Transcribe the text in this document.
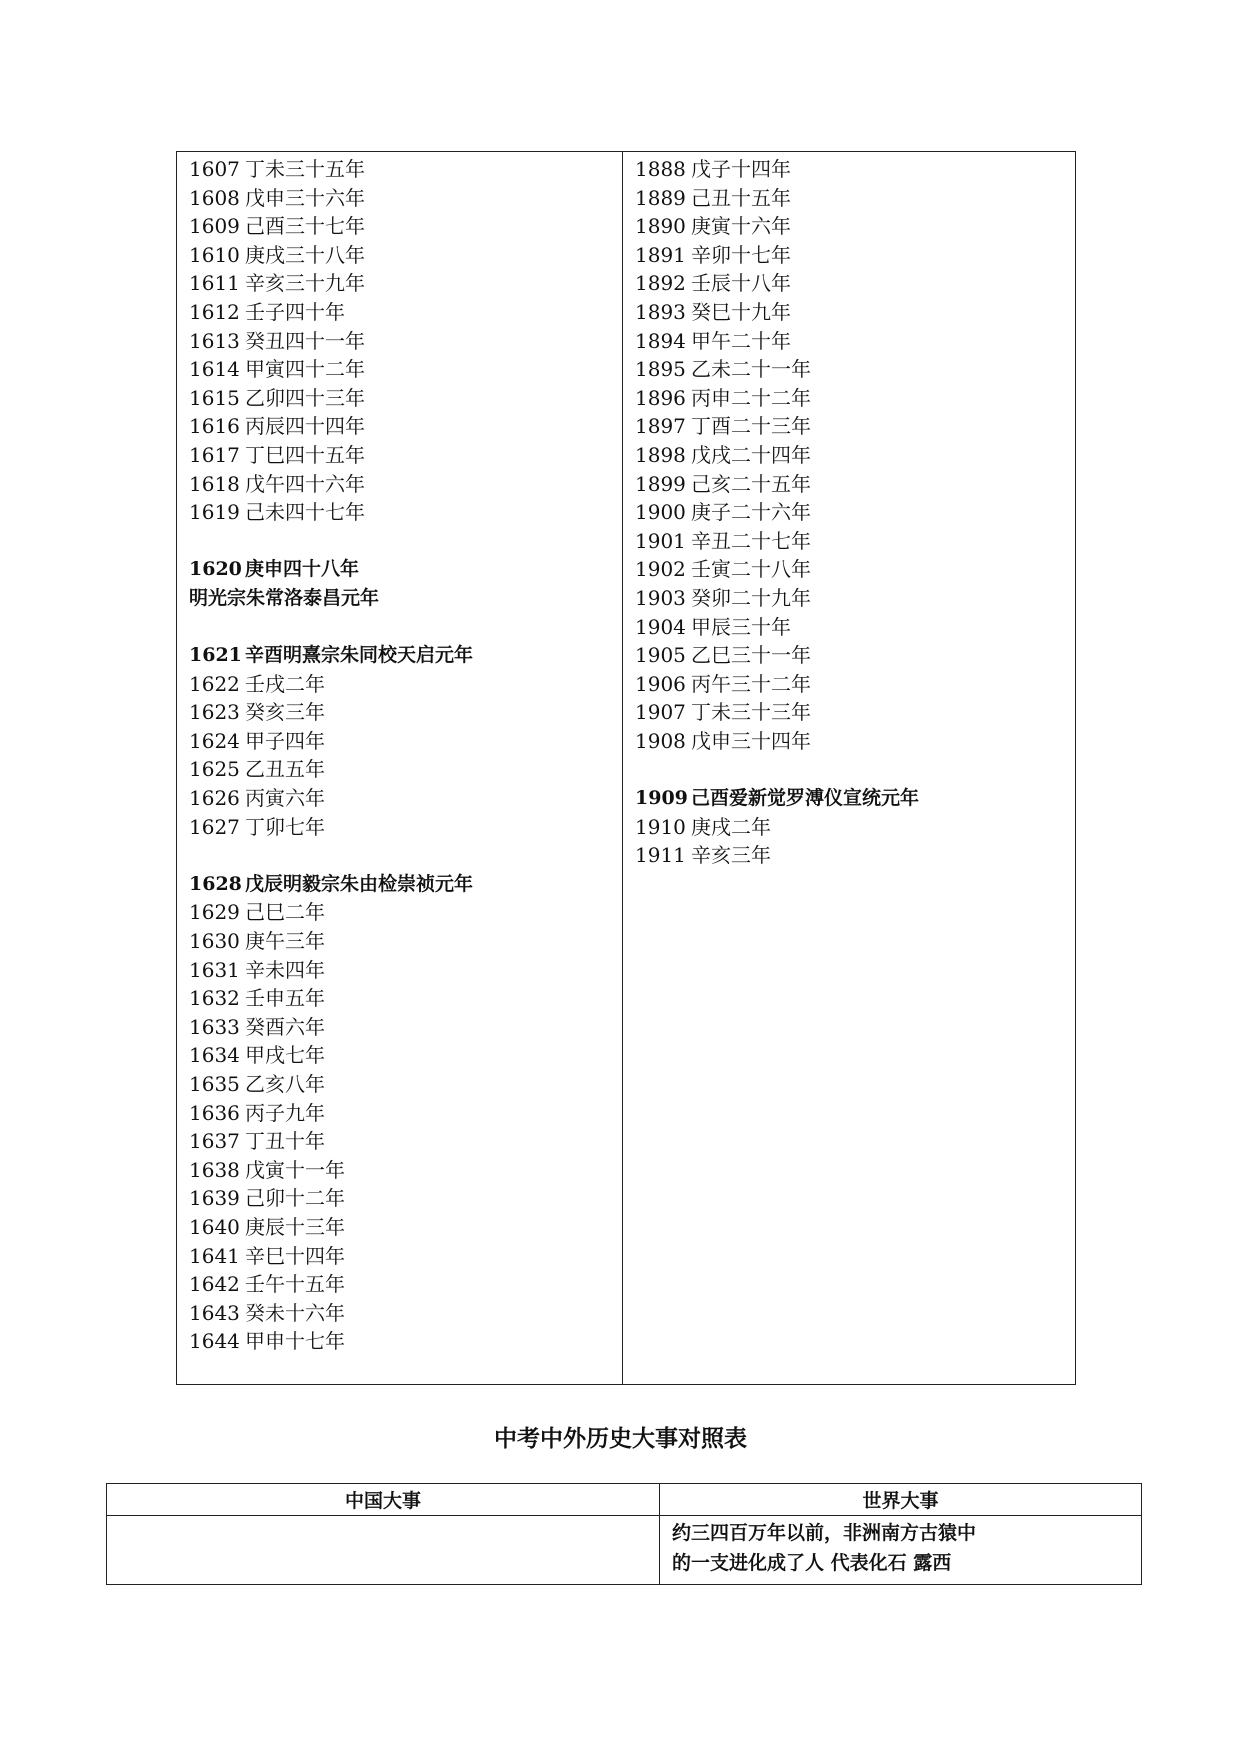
1607 丁未三十五年
1608 戊申三十六年
1609 己酉三十七年
1610 庚戌三十八年
1611 辛亥三十九年
1612 壬子四十年
1613 癸丑四十一年
1614 甲寅四十二年
1615 乙卯四十三年
1616 丙辰四十四年
1617 丁巳四十五年
1618 戊午四十六年
1619 己未四十七年
1620 庚申四十八年
明光宗朱常洛泰昌元年
1621 辛酉明熹宗朱同校天启元年
1622 壬戌二年
1623 癸亥三年
1624 甲子四年
1625 乙丑五年
1626 丙寅六年
1627 丁卯七年
1628 戊辰明毅宗朱由检崇祯元年
1629 己巳二年
1630 庚午三年
1631 辛未四年
1632 壬申五年
1633 癸酉六年
1634 甲戌七年
1635 乙亥八年
1636 丙子九年
1637 丁丑十年
1638 戊寅十一年
1639 己卯十二年
1640 庚辰十三年
1641 辛巳十四年
1642 壬午十五年
1643 癸未十六年
1644 甲申十七年
1888 戊子十四年
1889 己丑十五年
1890 庚寅十六年
1891 辛卯十七年
1892 壬辰十八年
1893 癸巳十九年
1894 甲午二十年
1895 乙未二十一年
1896 丙申二十二年
1897 丁酉二十三年
1898 戊戌二十四年
1899 己亥二十五年
1900 庚子二十六年
1901 辛丑二十七年
1902 壬寅二十八年
1903 癸卯二十九年
1904 甲辰三十年
1905 乙巳三十一年
1906 丙午三十二年
1907 丁未三十三年
1908 戊申三十四年
1909 己酉爱新觉罗溥仪宣统元年
1910 庚戌二年
1911 辛亥三年
中考中外历史大事对照表
中国大事	世界大事

	约三四百万年以前，非洲南方古猿中
的一支进化成了人 代表化石 露西
